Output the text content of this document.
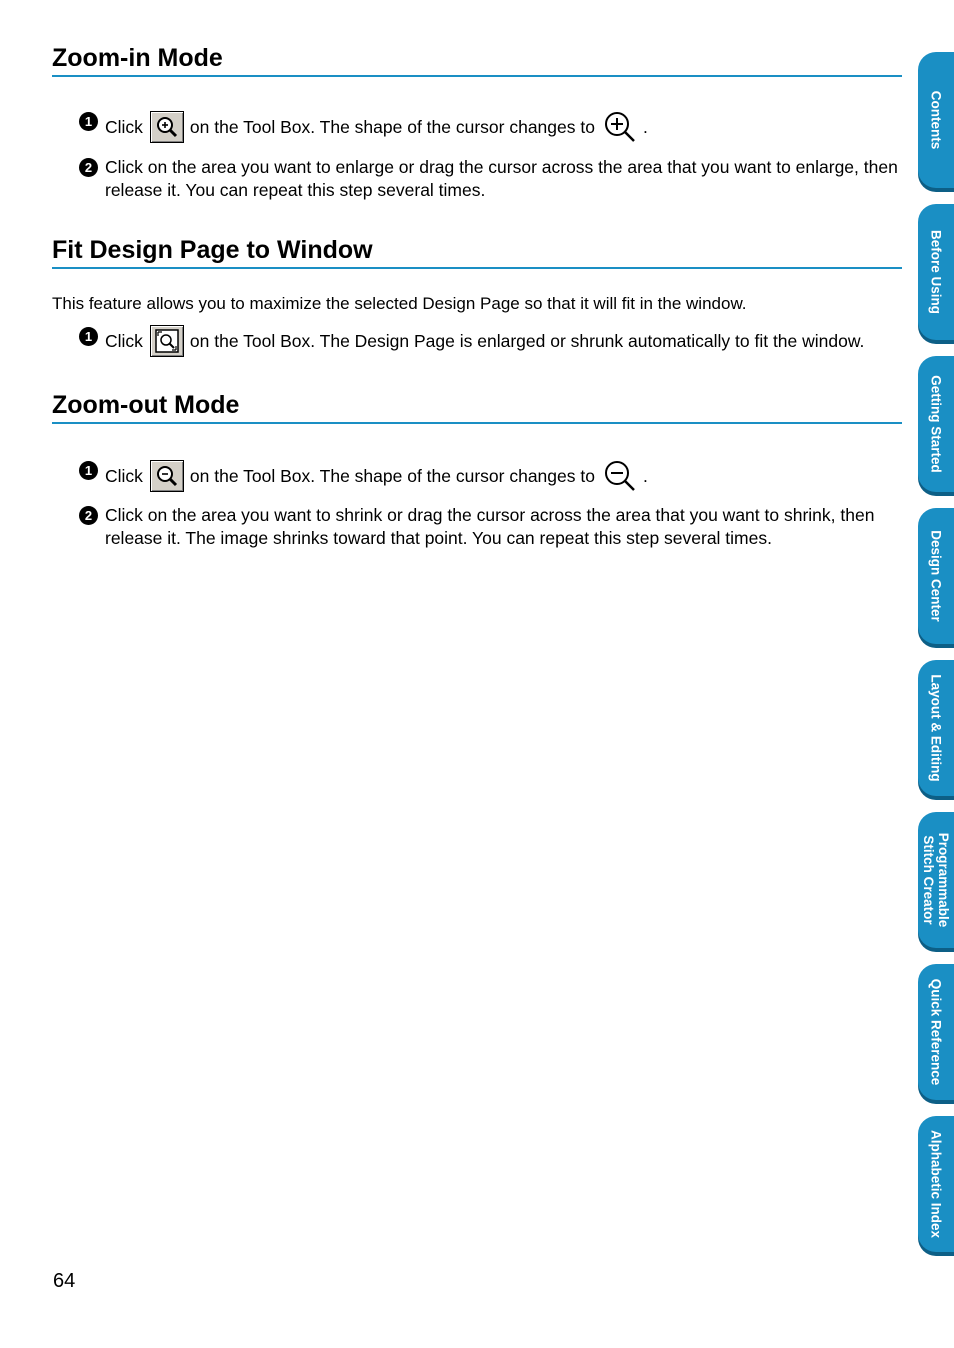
Zoom-in Mode
1 Click	on the Tool Box. The shape of the cursor changes to	.
2 Click on the area you want to enlarge or drag the cursor across the area that you want to enlarge, then release it. You can repeat this step several times.
Fit Design Page to Window
This feature allows you to maximize the selected Design Page so that it will fit in the window.
1 Click	on the Tool Box. The Design Page is enlarged or shrunk automatically to fit the window.
Zoom-out Mode
1 Click	on the Tool Box. The shape of the cursor changes to	.
2 Click on the area you want to shrink or drag the cursor across the area that you want to shrink, then release it. The image shrinks toward that point. You can repeat this step several times.
Contents
Before Using
Getting Started
Design Center
Layout & Editing
Programmable Stitch Creator
Quick Reference
Alphabetic Index
64
